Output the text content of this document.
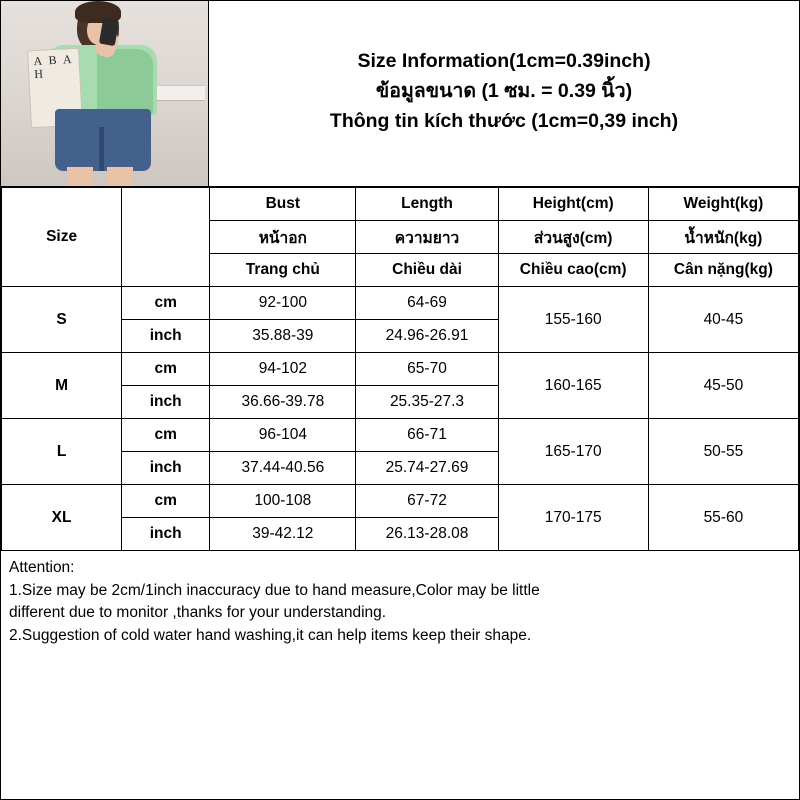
A B A H
Size Information(1cm=0.39inch)
ข้อมูลขนาด (1 ซม. = 0.39 นิ้ว)
Thông tin kích thước (1cm=0,39 inch)
Size		Bust	Length	Height(cm)	Weight(kg)
		หน้าอก	ความยาว	ส่วนสูง(cm)	น้ำหนัก(kg)
		Trang chủ	Chiều dài	Chiều cao(cm)	Cân nặng(kg)
S	cm	92-100	64-69	155-160	40-45
	inch	35.88-39	24.96-26.91		
M	cm	94-102	65-70	160-165	45-50
	inch	36.66-39.78	25.35-27.3		
L	cm	96-104	66-71	165-170	50-55
	inch	37.44-40.56	25.74-27.69		
XL	cm	100-108	67-72	170-175	55-60
	inch	39-42.12	26.13-28.08		
Attention:
1.Size may be 2cm/1inch inaccuracy due to hand measure,Color may be little
different due to monitor ,thanks for your understanding.
2.Suggestion of cold water hand washing,it can help items keep their shape.
